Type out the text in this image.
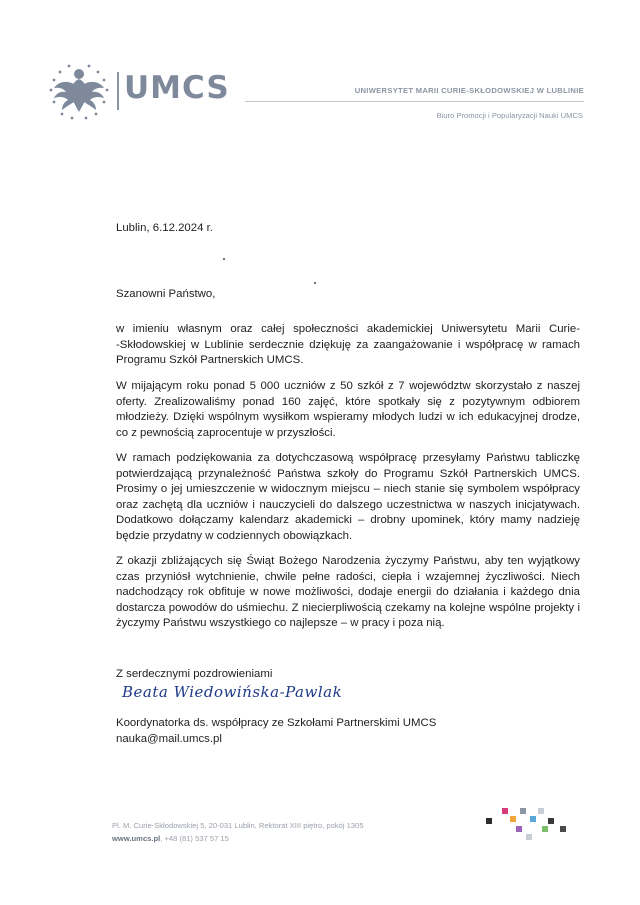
UMCS	UNIWERSYTET MARII CURIE-SKŁODOWSKIEJ W LUBLINIE
Biuro Promocji i Popularyzacji Nauki UMCS
Lublin, 6.12.2024 r.
Szanowni Państwo,
w imieniu własnym oraz całej społeczności akademickiej Uniwersytetu Marii Curie-‑Skłodowskiej w Lublinie serdecznie dziękuję za zaangażowanie i współpracę w ramach Programu Szkół Partnerskich UMCS.
W mijającym roku ponad 5 000 uczniów z 50 szkół z 7 województw skorzystało z naszej oferty. Zrealizowaliśmy ponad 160 zajęć, które spotkały się z pozytywnym odbiorem młodzieży. Dzięki wspólnym wysiłkom wspieramy młodych ludzi w ich edukacyjnej drodze, co z pewnością zaprocentuje w przyszłości.
W ramach podziękowania za dotychczasową współpracę przesyłamy Państwu tabliczkę potwierdzającą przynależność Państwa szkoły do Programu Szkół Partnerskich UMCS. Prosimy o jej umieszczenie w widocznym miejscu – niech stanie się symbolem współpracy oraz zachętą dla uczniów i nauczycieli do dalszego uczestnictwa w naszych inicjatywach. Dodatkowo dołączamy kalendarz akademicki – drobny upominek, który mamy nadzieję będzie przydatny w codziennych obowiązkach.
Z okazji zbliżających się Świąt Bożego Narodzenia życzymy Państwu, aby ten wyjątkowy czas przyniósł wytchnienie, chwile pełne radości, ciepła i wzajemnej życzliwości. Niech nadchodzący rok obfituje w nowe możliwości, dodaje energii do działania i każdego dnia dostarcza powodów do uśmiechu. Z niecierpliwością czekamy na kolejne wspólne projekty i życzymy Państwu wszystkiego co najlepsze – w pracy i poza nią.
Z serdecznymi pozdrowieniami
Beata Wiedowińska-Pawlak
Koordynatorka ds. współpracy ze Szkołami Partnerskimi UMCS
nauka@mail.umcs.pl
Pl. M. Curie-Skłodowskiej 5, 20-031 Lublin, Rektorat XIII piętro, pokój 1305
www.umcs.pl, +48 (81) 537 57 15
